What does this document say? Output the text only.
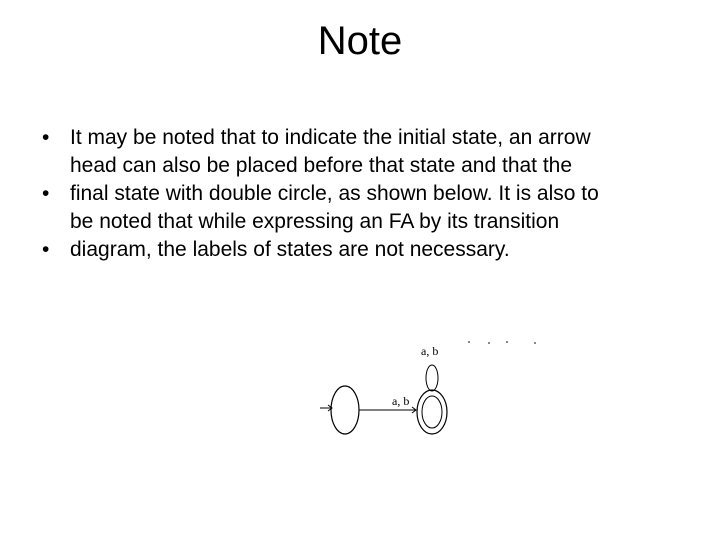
Note
• It may be noted that to indicate the initial state, an arrow
head can also be placed before that state and that the
• final state with double circle, as shown below. It is also to
be noted that while expressing an FA by its transition
• diagram, the labels of states are not necessary.
a, b
a, b
